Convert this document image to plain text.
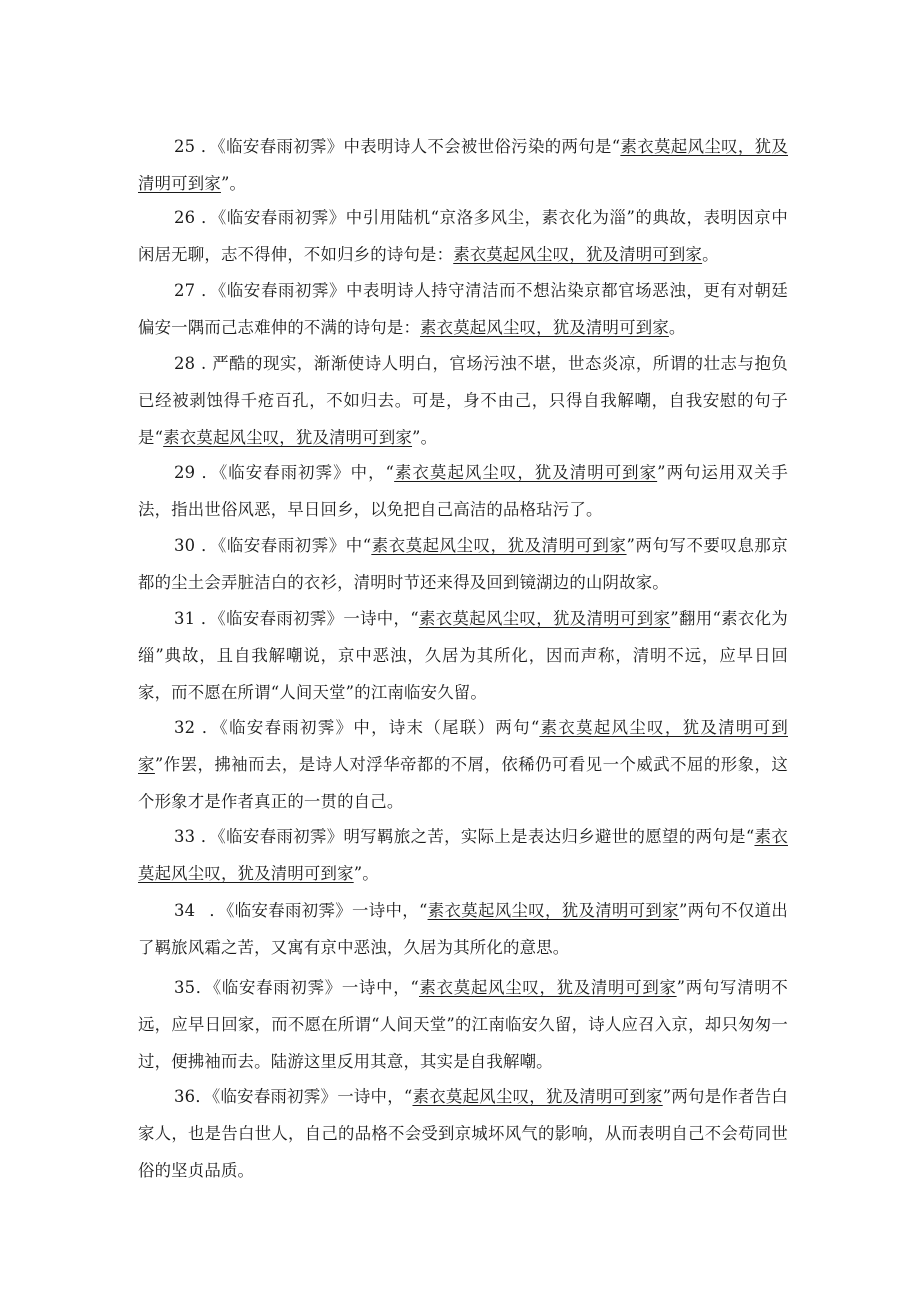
25 ．《临安春雨初霁》中表明诗人不会被世俗污染的两句是“素衣莫起风尘叹，犹及清明可到家”。

26 ．《临安春雨初霁》中引用陆机“京洛多风尘，素衣化为淄”的典故，表明因京中闲居无聊，志不得伸，不如归乡的诗句是：素衣莫起风尘叹，犹及清明可到家。

27 ．《临安春雨初霁》中表明诗人持守清洁而不想沾染京都官场恶浊，更有对朝廷偏安一隅而己志难伸的不满的诗句是：素衣莫起风尘叹，犹及清明可到家。

28 . 严酷的现实，渐渐使诗人明白，官场污浊不堪，世态炎凉，所谓的壮志与抱负已经被剥蚀得千疮百孔，不如归去。可是，身不由己，只得自我解嘲，自我安慰的句子是“素衣莫起风尘叹，犹及清明可到家”。

29 ．《临安春雨初霁》中，“素衣莫起风尘叹，犹及清明可到家”两句运用双关手法，指出世俗风恶，早日回乡，以免把自己高洁的品格玷污了。

30 ．《临安春雨初霁》中“素衣莫起风尘叹，犹及清明可到家”两句写不要叹息那京都的尘土会弄脏洁白的衣衫，清明时节还来得及回到镜湖边的山阴故家。

31 ．《临安春雨初霁》一诗中，“素衣莫起风尘叹，犹及清明可到家”翻用“素衣化为缁”典故，且自我解嘲说，京中恶浊，久居为其所化，因而声称，清明不远，应早日回家，而不愿在所谓“人间天堂”的江南临安久留。

32 ．《临安春雨初霁》中，诗末（尾联）两句“素衣莫起风尘叹，犹及清明可到家”作罢，拂袖而去，是诗人对浮华帝都的不屑，依稀仍可看见一个威武不屈的形象，这个形象才是作者真正的一贯的自己。

33 ．《临安春雨初霁》明写羁旅之苦，实际上是表达归乡避世的愿望的两句是“素衣莫起风尘叹，犹及清明可到家”。

34 ．《临安春雨初霁》一诗中，“素衣莫起风尘叹，犹及清明可到家”两句不仅道出了羁旅风霜之苦，又寓有京中恶浊，久居为其所化的意思。

35．《临安春雨初霁》一诗中，“素衣莫起风尘叹，犹及清明可到家”两句写清明不远，应早日回家，而不愿在所谓“人间天堂”的江南临安久留，诗人应召入京，却只匆匆一过，便拂袖而去。陆游这里反用其意，其实是自我解嘲。

36．《临安春雨初霁》一诗中，“素衣莫起风尘叹，犹及清明可到家”两句是作者告白家人，也是告白世人，自己的品格不会受到京城坏风气的影响，从而表明自己不会苟同世俗的坚贞品质。
